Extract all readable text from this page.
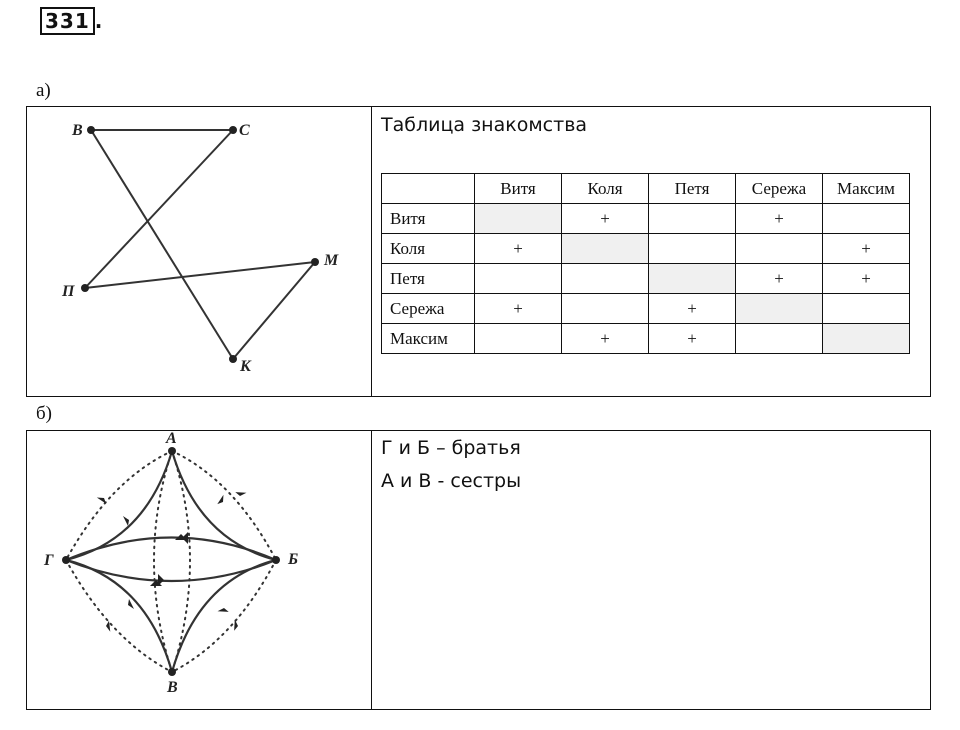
331 .
а)
B	C
M
П
К
Таблица знакомства
	Витя	Коля	Петя	Сережа	Максим
Витя		+		+	
Коля	+				+
Петя				+	+
Сережа	+		+		
Максим		+	+		
б)
A
Б
B
Г
Г и Б – братья
А и В - сестры
